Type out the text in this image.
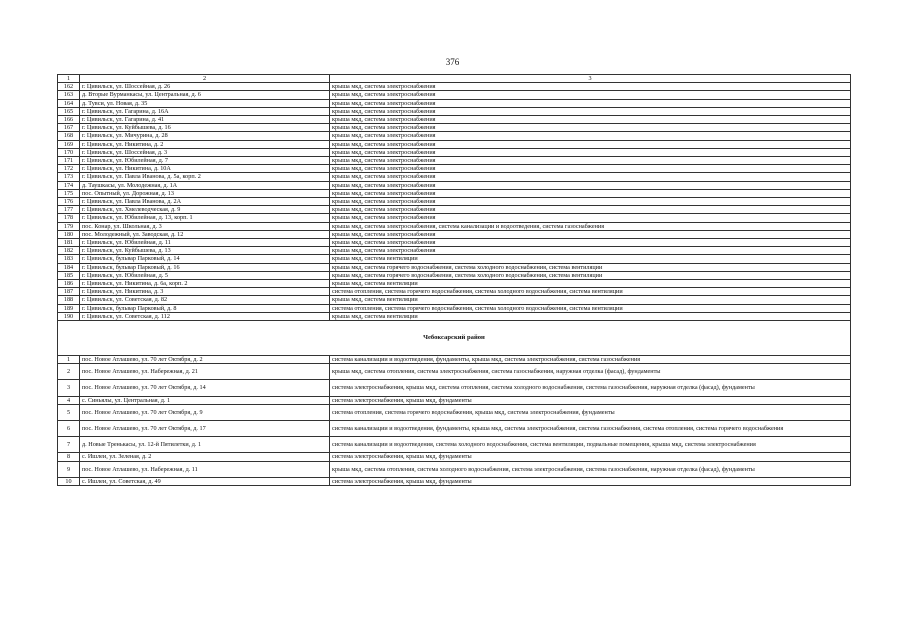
376
1	2	3
162	г. Цивильск, ул. Шоссейная, д. 26	крыша мкд, система электроснабжения
163	д. Вторые Вурманкасы, ул. Центральная, д. 6	крыша мкд, система электроснабжения
164	д. Тувси, ул. Новая, д. 35	крыша мкд, система электроснабжения
165	г. Цивильск, ул. Гагарина, д. 16А	крыша мкд, система электроснабжения
166	г. Цивильск, ул. Гагарина, д. 41	крыша мкд, система электроснабжения
167	г. Цивильск, ул. Куйбышева, д. 16	крыша мкд, система электроснабжения
168	г. Цивильск, ул. Мичурина, д. 28	крыша мкд, система электроснабжения
169	г. Цивильск, ул. Никитина, д. 2	крыша мкд, система электроснабжения
170	г. Цивильск, ул. Шоссейная, д. 3	крыша мкд, система электроснабжения
171	г. Цивильск, ул. Юбилейная, д. 7	крыша мкд, система электроснабжения
172	г. Цивильск, ул. Никитина, д. 10А	крыша мкд, система электроснабжения
173	г. Цивильск, ул. Павла Иванова, д. 5а, корп. 2	крыша мкд, система электроснабжения
174	д. Таушкасы, ул. Молодежная, д. 1А	крыша мкд, система электроснабжения
175	пос. Опытный, ул. Дорожная, д. 13	крыша мкд, система электроснабжения
176	г. Цивильск, ул. Павла Иванова, д. 2А	крыша мкд, система электроснабжения
177	г. Цивильск, ул. Хмелеводческая, д. 9	крыша мкд, система электроснабжения
178	г. Цивильск, ул. Юбилейная, д. 13, корп. 1	крыша мкд, система электроснабжения
179	пос. Конар, ул. Школьная, д. 3	крыша мкд, система электроснабжения, система канализации и водоотведения, система газоснабжения
180	пос. Молодежный, ул. Заводская, д. 12	крыша мкд, система электроснабжения
181	г. Цивильск, ул. Юбилейная, д. 11	крыша мкд, система электроснабжения
182	г. Цивильск, ул. Куйбышева, д. 13	крыша мкд, система электроснабжения
183	г. Цивильск, бульвар Парковый, д. 14	крыша мкд, система вентиляции
184	г. Цивильск, бульвар Парковый, д. 16	крыша мкд, система горячего водоснабжения, система холодного водоснабжения, система вентиляции
185	г. Цивильск, ул. Юбилейная, д. 5	крыша мкд, система горячего водоснабжения, система холодного водоснабжения, система вентиляции
186	г. Цивильск, ул. Никитина, д. 6а, корп. 2	крыша мкд, система вентиляции
187	г. Цивильск, ул. Никитина, д. 3	система отопления, система горячего водоснабжения, система холодного водоснабжения, система вентиляции
188	г. Цивильск, ул. Советская, д. 82	крыша мкд, система вентиляции
189	г. Цивильск, бульвар Парковый, д. 8	система отопления, система горячего водоснабжения, система холодного водоснабжения, система вентиляции
190	г. Цивильск, ул. Советская, д. 112	крыша мкд, система вентиляции
Чебоксарский район		
1	пос. Новое Атлашево, ул. 70 лет Октября, д. 2	система канализации и водоотведения, фундаменты, крыша мкд, система электроснабжения, система газоснабжения
2	пос. Новое Атлашево, ул. Набережная, д. 21	крыша мкд, система отопления, система электроснабжения, система газоснабжения, наружная отделка (фасад), фундаменты
3	пос. Новое Атлашево, ул. 70 лет Октября, д. 14	система электроснабжения, крыша мкд, система отопления, система холодного водоснабжения, система газоснабжения, наружная отделка (фасад), фундаменты
4	с. Синьялы, ул. Центральная, д. 1	система электроснабжения, крыша мкд, фундаменты
5	пос. Новое Атлашево, ул. 70 лет Октября, д. 9	система отопления, система горячего водоснабжения, крыша мкд, система электроснабжения, фундаменты
6	пос. Новое Атлашево, ул. 70 лет Октября, д. 17	система канализации и водоотведения, фундаменты, крыша мкд, система электроснабжения, система газоснабжения, система отопления, система горячего водоснабжения
7	д. Новые Тренькасы, ул. 12-й Пятилетки, д. 1	система канализации и водоотведения, система холодного водоснабжения, система вентиляции, подвальные помещения, крыша мкд, система электроснабжения
8	с. Ишлеи, ул. Зеленая, д. 2	система электроснабжения, крыша мкд, фундаменты
9	пос. Новое Атлашево, ул. Набережная, д. 11	крыша мкд, система отопления, система холодного водоснабжения, система электроснабжения, система газоснабжения, наружная отделка (фасад), фундаменты
10	с. Ишлеи, ул. Советская, д. 49	система электроснабжения, крыша мкд, фундаменты
